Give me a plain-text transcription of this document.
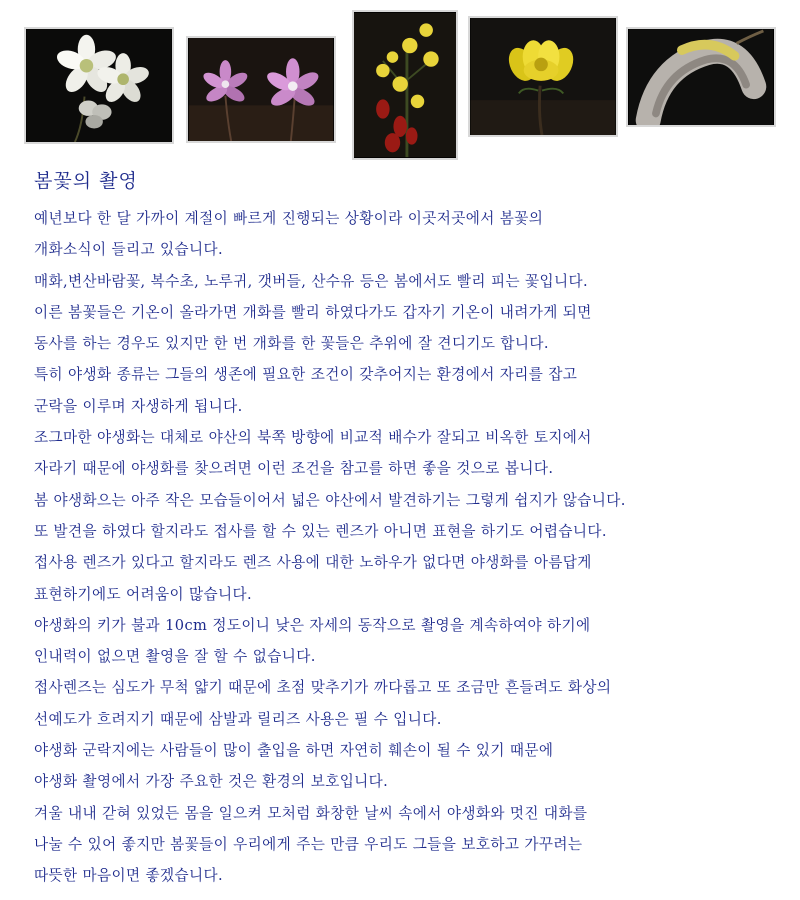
봄꽃의 촬영

예년보다 한 달 가까이 계절이 빠르게 진행되는 상황이라 이곳저곳에서 봄꽃의

개화소식이 들리고 있습니다.

매화,변산바람꽃, 복수초, 노루귀, 갯버들, 산수유 등은 봄에서도 빨리 피는 꽃입니다.

이른 봄꽃들은 기온이 올라가면 개화를 빨리 하였다가도 갑자기 기온이 내려가게 되면

동사를 하는 경우도 있지만 한 번 개화를 한 꽃들은 추위에 잘 견디기도 합니다.

특히 야생화 종류는 그들의 생존에 필요한 조건이 갖추어지는 환경에서 자리를 잡고

군락을 이루며 자생하게 됩니다.

조그마한 야생화는 대체로 야산의 북쪽 방향에 비교적 배수가 잘되고 비옥한 토지에서

자라기 때문에 야생화를 찾으려면 이런 조건을 참고를 하면 좋을 것으로 봅니다.

봄 야생화으는 아주 작은 모습들이어서 넓은 야산에서 발견하기는 그렇게 쉽지가 않습니다.

또 발견을 하였다 할지라도 접사를 할 수 있는 렌즈가 아니면 표현을 하기도 어렵습니다.

접사용 렌즈가 있다고 할지라도 렌즈 사용에 대한 노하우가 없다면 야생화를 아름답게

표현하기에도 어려움이 많습니다.

야생화의 키가 불과 10cm 정도이니 낮은 자세의 동작으로 촬영을 계속하여야 하기에

인내력이 없으면 촬영을 잘 할 수 없습니다.

접사렌즈는 심도가 무척 얇기 때문에 초점 맞추기가 까다롭고 또 조금만 흔들려도 화상의

선예도가 흐려지기 때문에 삼발과 릴리즈 사용은 필 수 입니다.

야생화 군락지에는 사람들이 많이 출입을 하면 자연히 훼손이 될 수 있기 때문에

야생화 촬영에서 가장 주요한 것은 환경의 보호입니다.

겨울 내내 갇혀 있었든 몸을 일으켜 모처럼 화창한 날씨 속에서 야생화와 멋진 대화를

나눌 수 있어 좋지만 봄꽃들이 우리에게 주는 만큼 우리도 그들을 보호하고 가꾸려는

따뜻한 마음이면 좋겠습니다.
